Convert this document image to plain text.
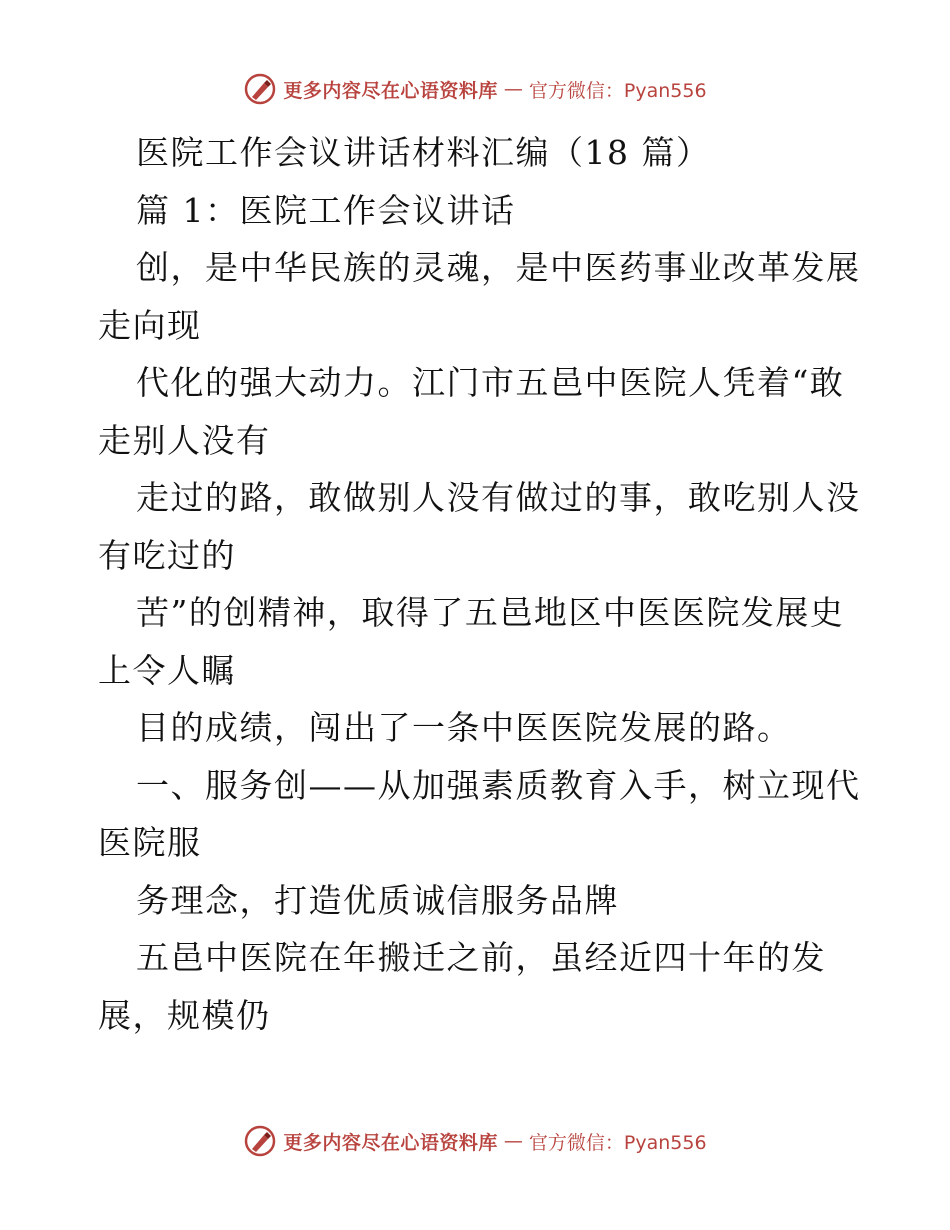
更多内容尽在心语资料库 — 官方微信：Pyan556
医院工作会议讲话材料汇编（18 篇）
篇 1：医院工作会议讲话
创，是中华民族的灵魂，是中医药事业改革发展
走向现
代化的强大动力。江门市五邑中医院人凭着“敢
走别人没有
走过的路，敢做别人没有做过的事，敢吃别人没
有吃过的
苦”的创精神，取得了五邑地区中医医院发展史
上令人瞩
目的成绩，闯出了一条中医医院发展的路。
一、服务创——从加强素质教育入手，树立现代
医院服
务理念，打造优质诚信服务品牌
五邑中医院在年搬迁之前，虽经近四十年的发
展，规模仍
更多内容尽在心语资料库 — 官方微信：Pyan556
